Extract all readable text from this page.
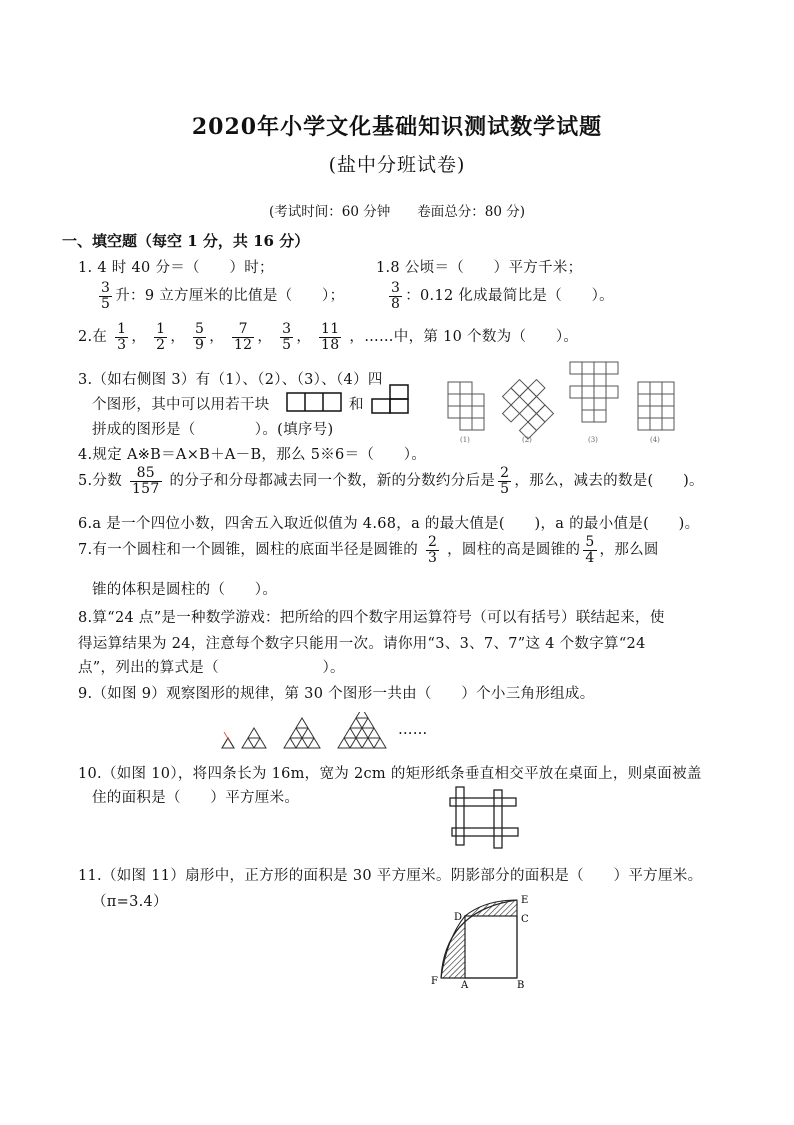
2020年小学文化基础知识测试数学试题
(盐中分班试卷)
(考试时间：60 分钟　　卷面总分：80 分)
一、填空题（每空 1 分，共 16 分）
1. 4 时 40 分＝（　　）时；	1.8 公顷＝（　　）平方千米；
$\frac{3}{5}$ 升：9 立方厘米的比值是（　　）；	$\frac{3}{8}$ ：0.12 化成最简比是（　　）。
2.在 $\frac{1}{3}$ ， $\frac{1}{2}$ ， $\frac{5}{9}$ ， $\frac{7}{12}$ ， $\frac{3}{5}$ ， $\frac{11}{18}$ ，……中，第 10 个数为（　　）。
3.（如右侧图 3）有（1）、（2）、（3）、（4）四
个图形，其中可以用若干块	和
拼成的图形是（　　　　）。(填序号)
(1)	(2)	(3)	(4)
4.规定 A※B＝A×B＋A－B，那么 5※6＝（　　）。
5.分数 $\frac{85}{157}$ 的分子和分母都减去同一个数，新的分数约分后是 $\frac{2}{5}$ ，那么，减去的数是(　　)。
6.a 是一个四位小数，四舍五入取近似值为 4.68，a 的最大值是(　　)，a 的最小值是(　　)。
7.有一个圆柱和一个圆锥，圆柱的底面半径是圆锥的 $\frac{2}{3}$ ，圆柱的高是圆锥的 $\frac{5}{4}$ ，那么圆
锥的体积是圆柱的（　　）。
8.算“24 点”是一种数学游戏：把所给的四个数字用运算符号（可以有括号）联结起来，使
得运算结果为 24，注意每个数字只能用一次。请你用“3、3、7、7”这 4 个数字算“24
点”，列出的算式是（　　　　　　　）。
9.（如图 9）观察图形的规律，第 30 个图形一共由（　　）个小三角形组成。
……
10.（如图 10），将四条长为 16m，宽为 2cm 的矩形纸条垂直相交平放在桌面上，则桌面被盖
住的面积是（　　）平方厘米。
11.（如图 11）扇形中，正方形的面积是 30 平方厘米。阴影部分的面积是（　　）平方厘米。
（π=3.4）
D
E
C
F A	B
